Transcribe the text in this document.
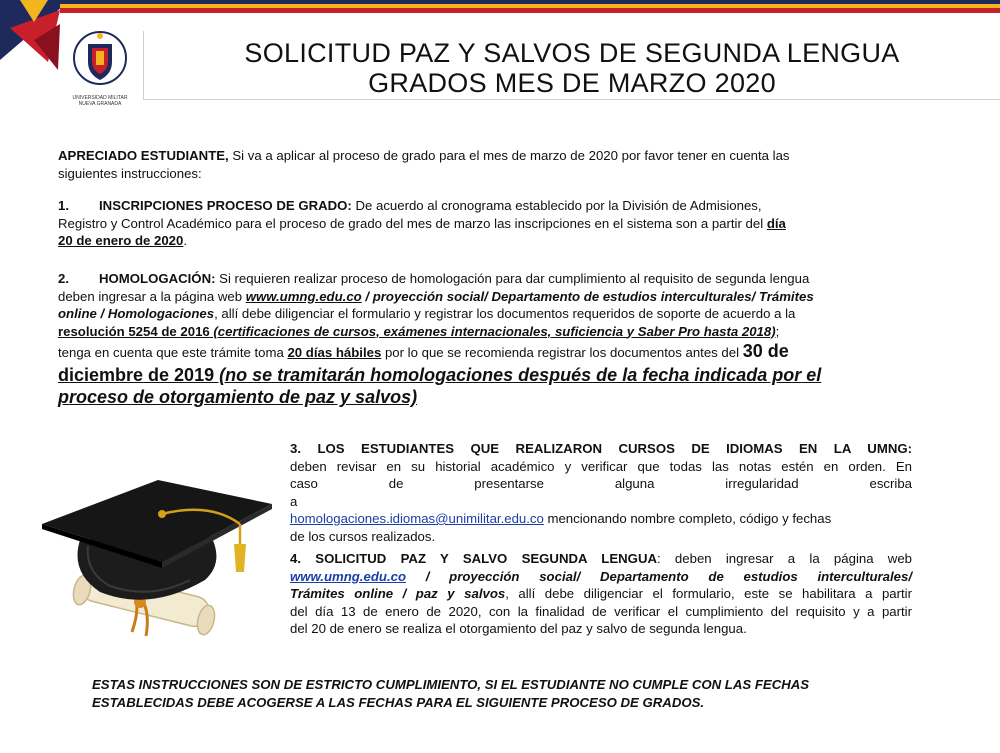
UNIVERSIDAD MILITAR
NUEVA GRANADA
SOLICITUD PAZ Y SALVOS DE SEGUNDA LENGUA
GRADOS MES DE MARZO 2020
APRECIADO ESTUDIANTE, Si va a aplicar al proceso de grado para el mes de marzo de 2020 por favor tener en cuenta las
siguientes instrucciones:
1. INSCRIPCIONES PROCESO DE GRADO: De acuerdo al cronograma establecido por la División de Admisiones,
Registro y Control Académico para el proceso de grado del mes de marzo las inscripciones en el sistema son a partir del día
20 de enero de 2020.
2. HOMOLOGACIÓN: Si requieren realizar proceso de homologación para dar cumplimiento al requisito de segunda lengua
deben ingresar a la página web www.umng.edu.co / proyección social/ Departamento de estudios interculturales/ Trámites
online / Homologaciones, allí debe diligenciar el formulario y registrar los documentos requeridos de soporte de acuerdo a la
resolución 5254 de 2016 (certificaciones de cursos, exámenes internacionales, suficiencia y Saber Pro hasta 2018);
tenga en cuenta que este trámite toma 20 días hábiles por lo que se recomienda registrar los documentos antes del 30 de
diciembre de 2019 (no se tramitarán homologaciones después de la fecha indicada por el
proceso de otorgamiento de paz y salvos)
3. LOS ESTUDIANTES QUE REALIZARON CURSOS DE IDIOMAS EN LA UMNG:
deben revisar en su historial académico y verificar que todas las notas estén en orden. En
caso de presentarse alguna irregularidad escriba a
homologaciones.idiomas@unimilitar.edu.co mencionando nombre completo, código y fechas
de los cursos realizados.
4. SOLICITUD PAZ Y SALVO SEGUNDA LENGUA: deben ingresar a la página web
www.umng.edu.co / proyección social/ Departamento de estudios interculturales/
Trámites online / paz y salvos, allí debe diligenciar el formulario, este se habilitara a partir
del día 13 de enero de 2020, con la finalidad de verificar el cumplimiento del requisito y a partir
del 20 de enero se realiza el otorgamiento del paz y salvo de segunda lengua.
ESTAS INSTRUCCIONES SON DE ESTRICTO CUMPLIMIENTO, SI EL ESTUDIANTE NO CUMPLE CON LAS FECHAS
ESTABLECIDAS DEBE ACOGERSE A LAS FECHAS PARA EL SIGUIENTE PROCESO DE GRADOS.
